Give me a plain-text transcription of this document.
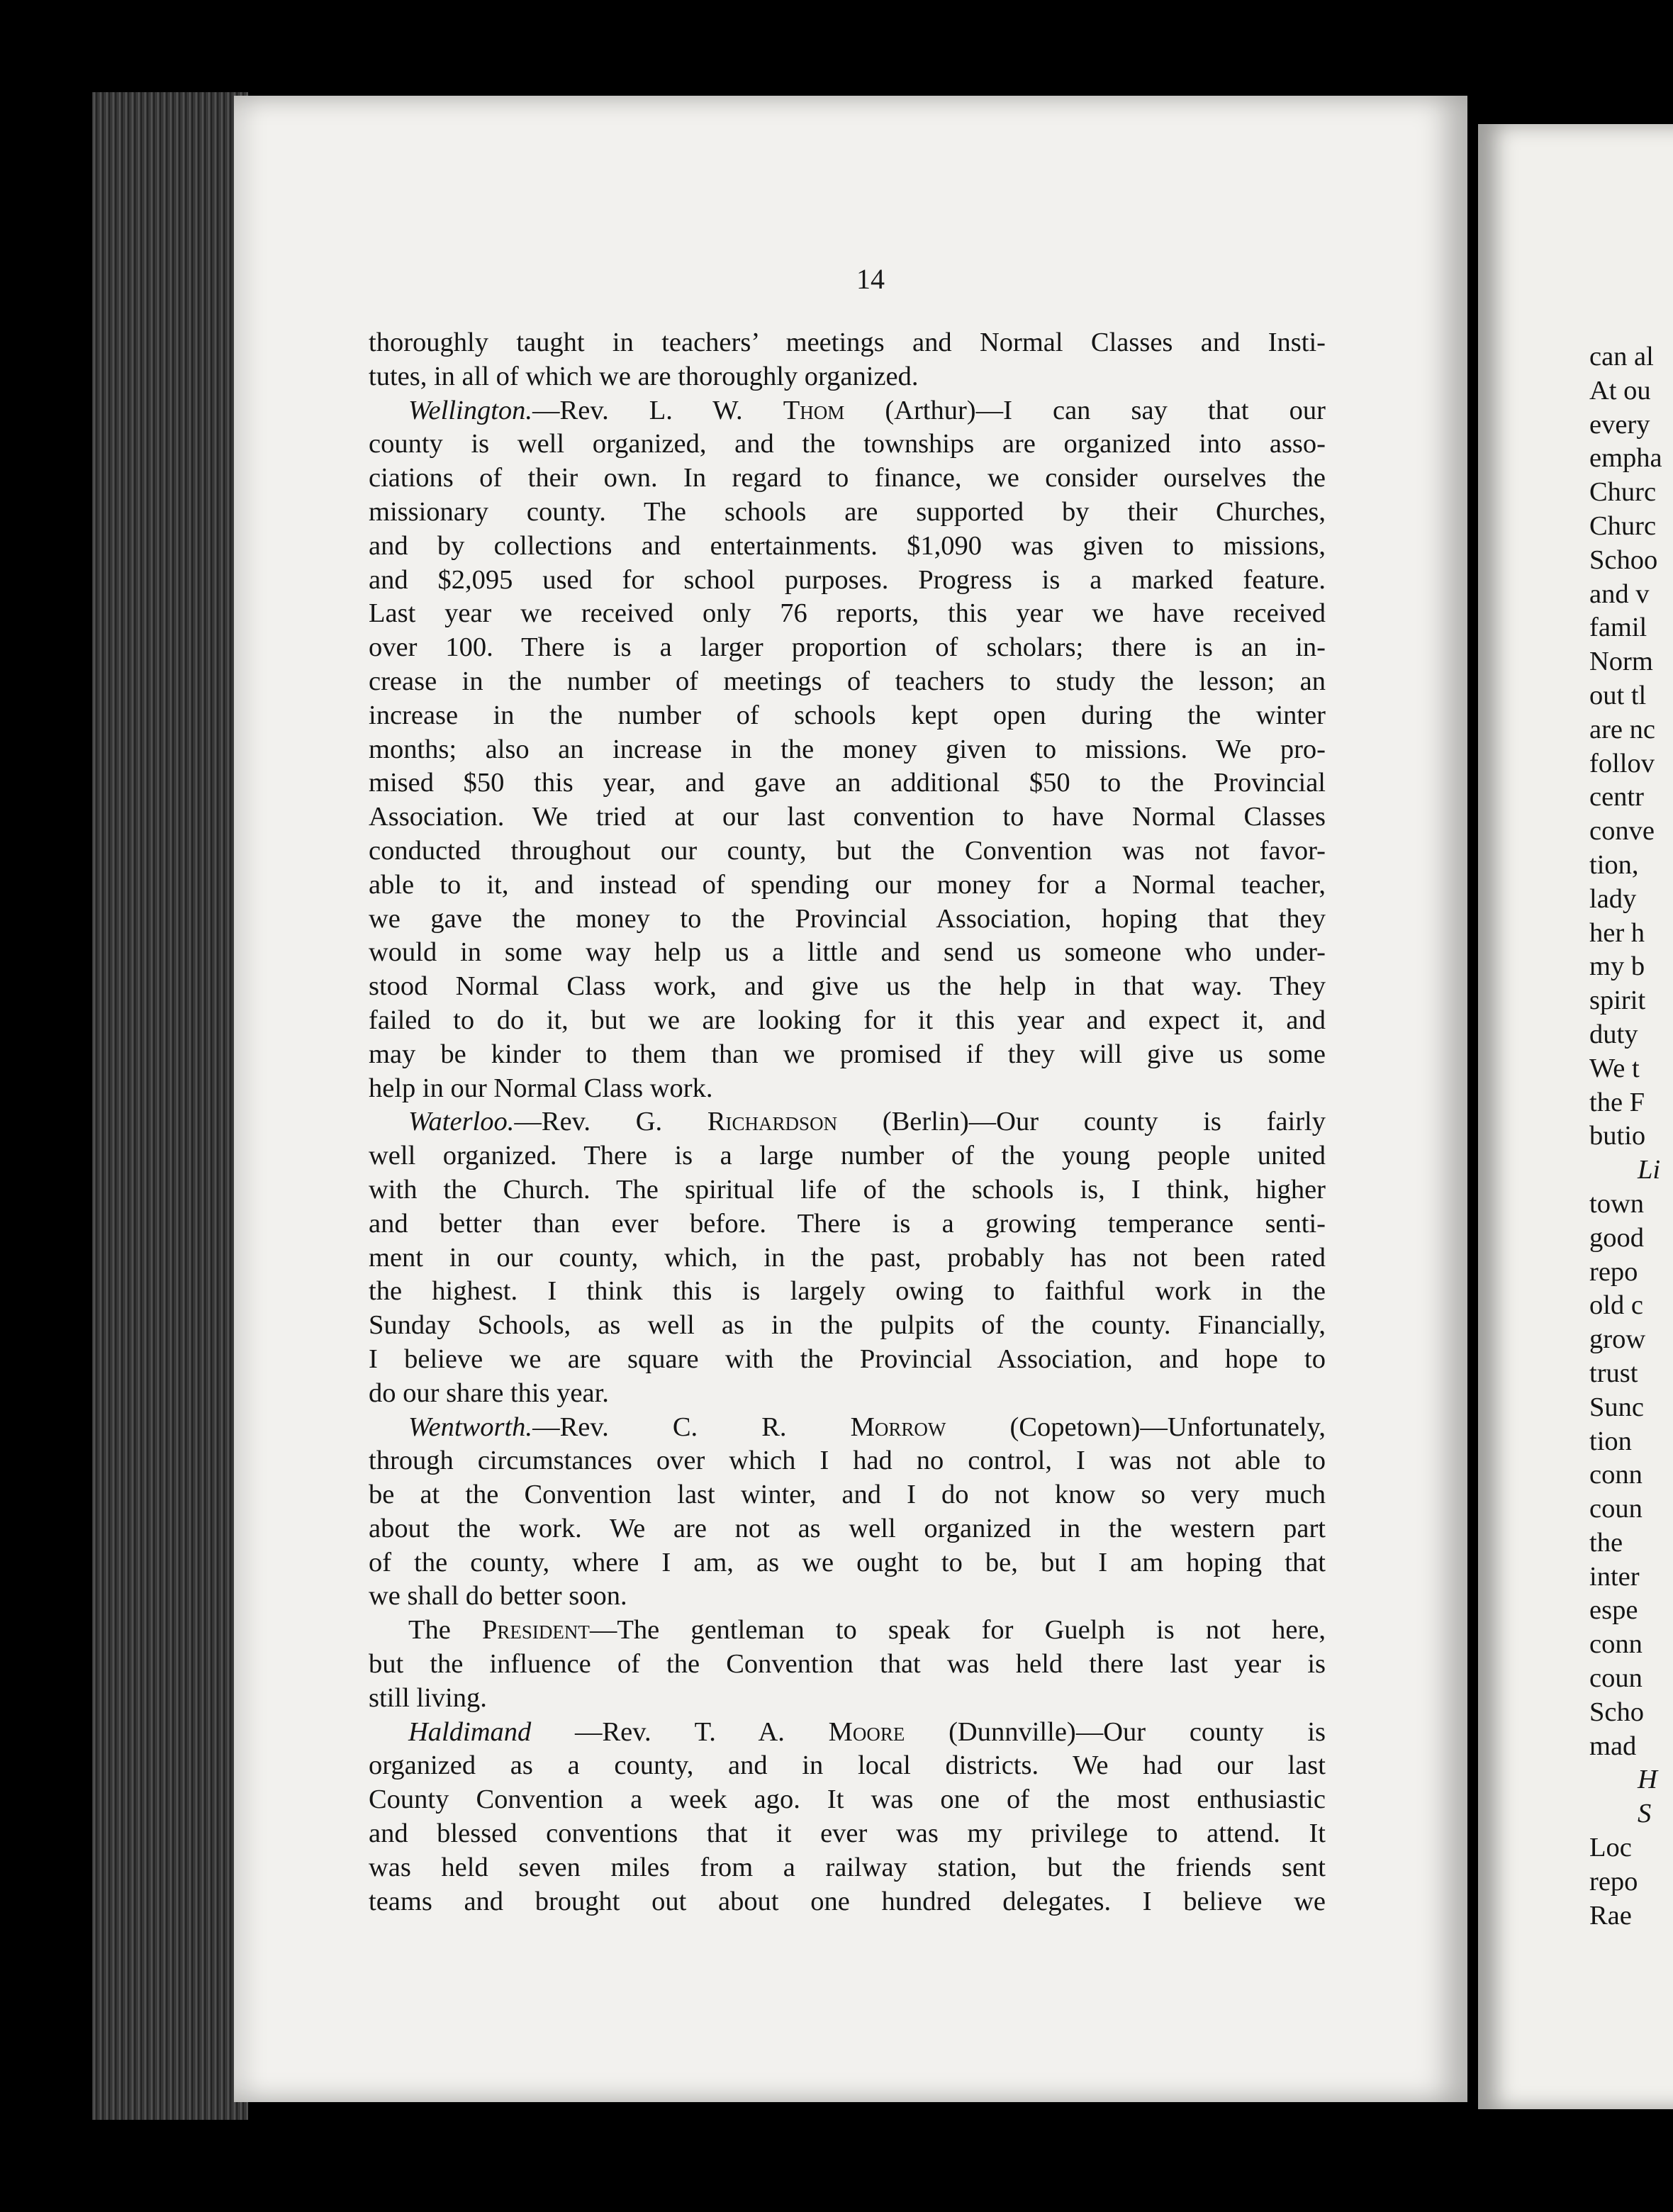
14
thoroughly taught in teachers’ meetings and Normal Classes and Insti-
tutes, in all of which we are thoroughly organized.
Wellington.—Rev. L. W. Thom (Arthur)—I can say that our
county is well organized, and the townships are organized into asso-
ciations of their own. In regard to finance, we consider ourselves the
missionary county. The schools are supported by their Churches,
and by collections and entertainments. $1,090 was given to missions,
and $2,095 used for school purposes. Progress is a marked feature.
Last year we received only 76 reports, this year we have received
over 100. There is a larger proportion of scholars; there is an in-
crease in the number of meetings of teachers to study the lesson; an
increase in the number of schools kept open during the winter
months; also an increase in the money given to missions. We pro-
mised $50 this year, and gave an additional $50 to the Provincial
Association. We tried at our last convention to have Normal Classes
conducted throughout our county, but the Convention was not favor-
able to it, and instead of spending our money for a Normal teacher,
we gave the money to the Provincial Association, hoping that they
would in some way help us a little and send us someone who under-
stood Normal Class work, and give us the help in that way. They
failed to do it, but we are looking for it this year and expect it, and
may be kinder to them than we promised if they will give us some
help in our Normal Class work.
Waterloo.—Rev. G. Richardson (Berlin)—Our county is fairly
well organized. There is a large number of the young people united
with the Church. The spiritual life of the schools is, I think, higher
and better than ever before. There is a growing temperance senti-
ment in our county, which, in the past, probably has not been rated
the highest. I think this is largely owing to faithful work in the
Sunday Schools, as well as in the pulpits of the county. Financially,
I believe we are square with the Provincial Association, and hope to
do our share this year.
Wentworth.—Rev. C. R. Morrow (Copetown)—Unfortunately,
through circumstances over which I had no control, I was not able to
be at the Convention last winter, and I do not know so very much
about the work. We are not as well organized in the western part
of the county, where I am, as we ought to be, but I am hoping that
we shall do better soon.
The President—The gentleman to speak for Guelph is not here,
but the influence of the Convention that was held there last year is
still living.
Haldimand —Rev. T. A. Moore (Dunnville)—Our county is
organized as a county, and in local districts. We had our last
County Convention a week ago. It was one of the most enthusiastic
and blessed conventions that it ever was my privilege to attend. It
was held seven miles from a railway station, but the friends sent
teams and brought out about one hundred delegates. I believe we
can al
At ou
every
empha
Churc
Churc
Schoo
and v
famil
Norm
out tl
are nc
follov
centr
conve
tion,
lady
her h
my b
spirit
duty
We t
the F
butio
Li
town
good
repo
old c
grow
trust
Sunc
tion
conn
coun
the
inter
espe
conn
coun
Scho
mad
H
S
Loc
repo
Rae
